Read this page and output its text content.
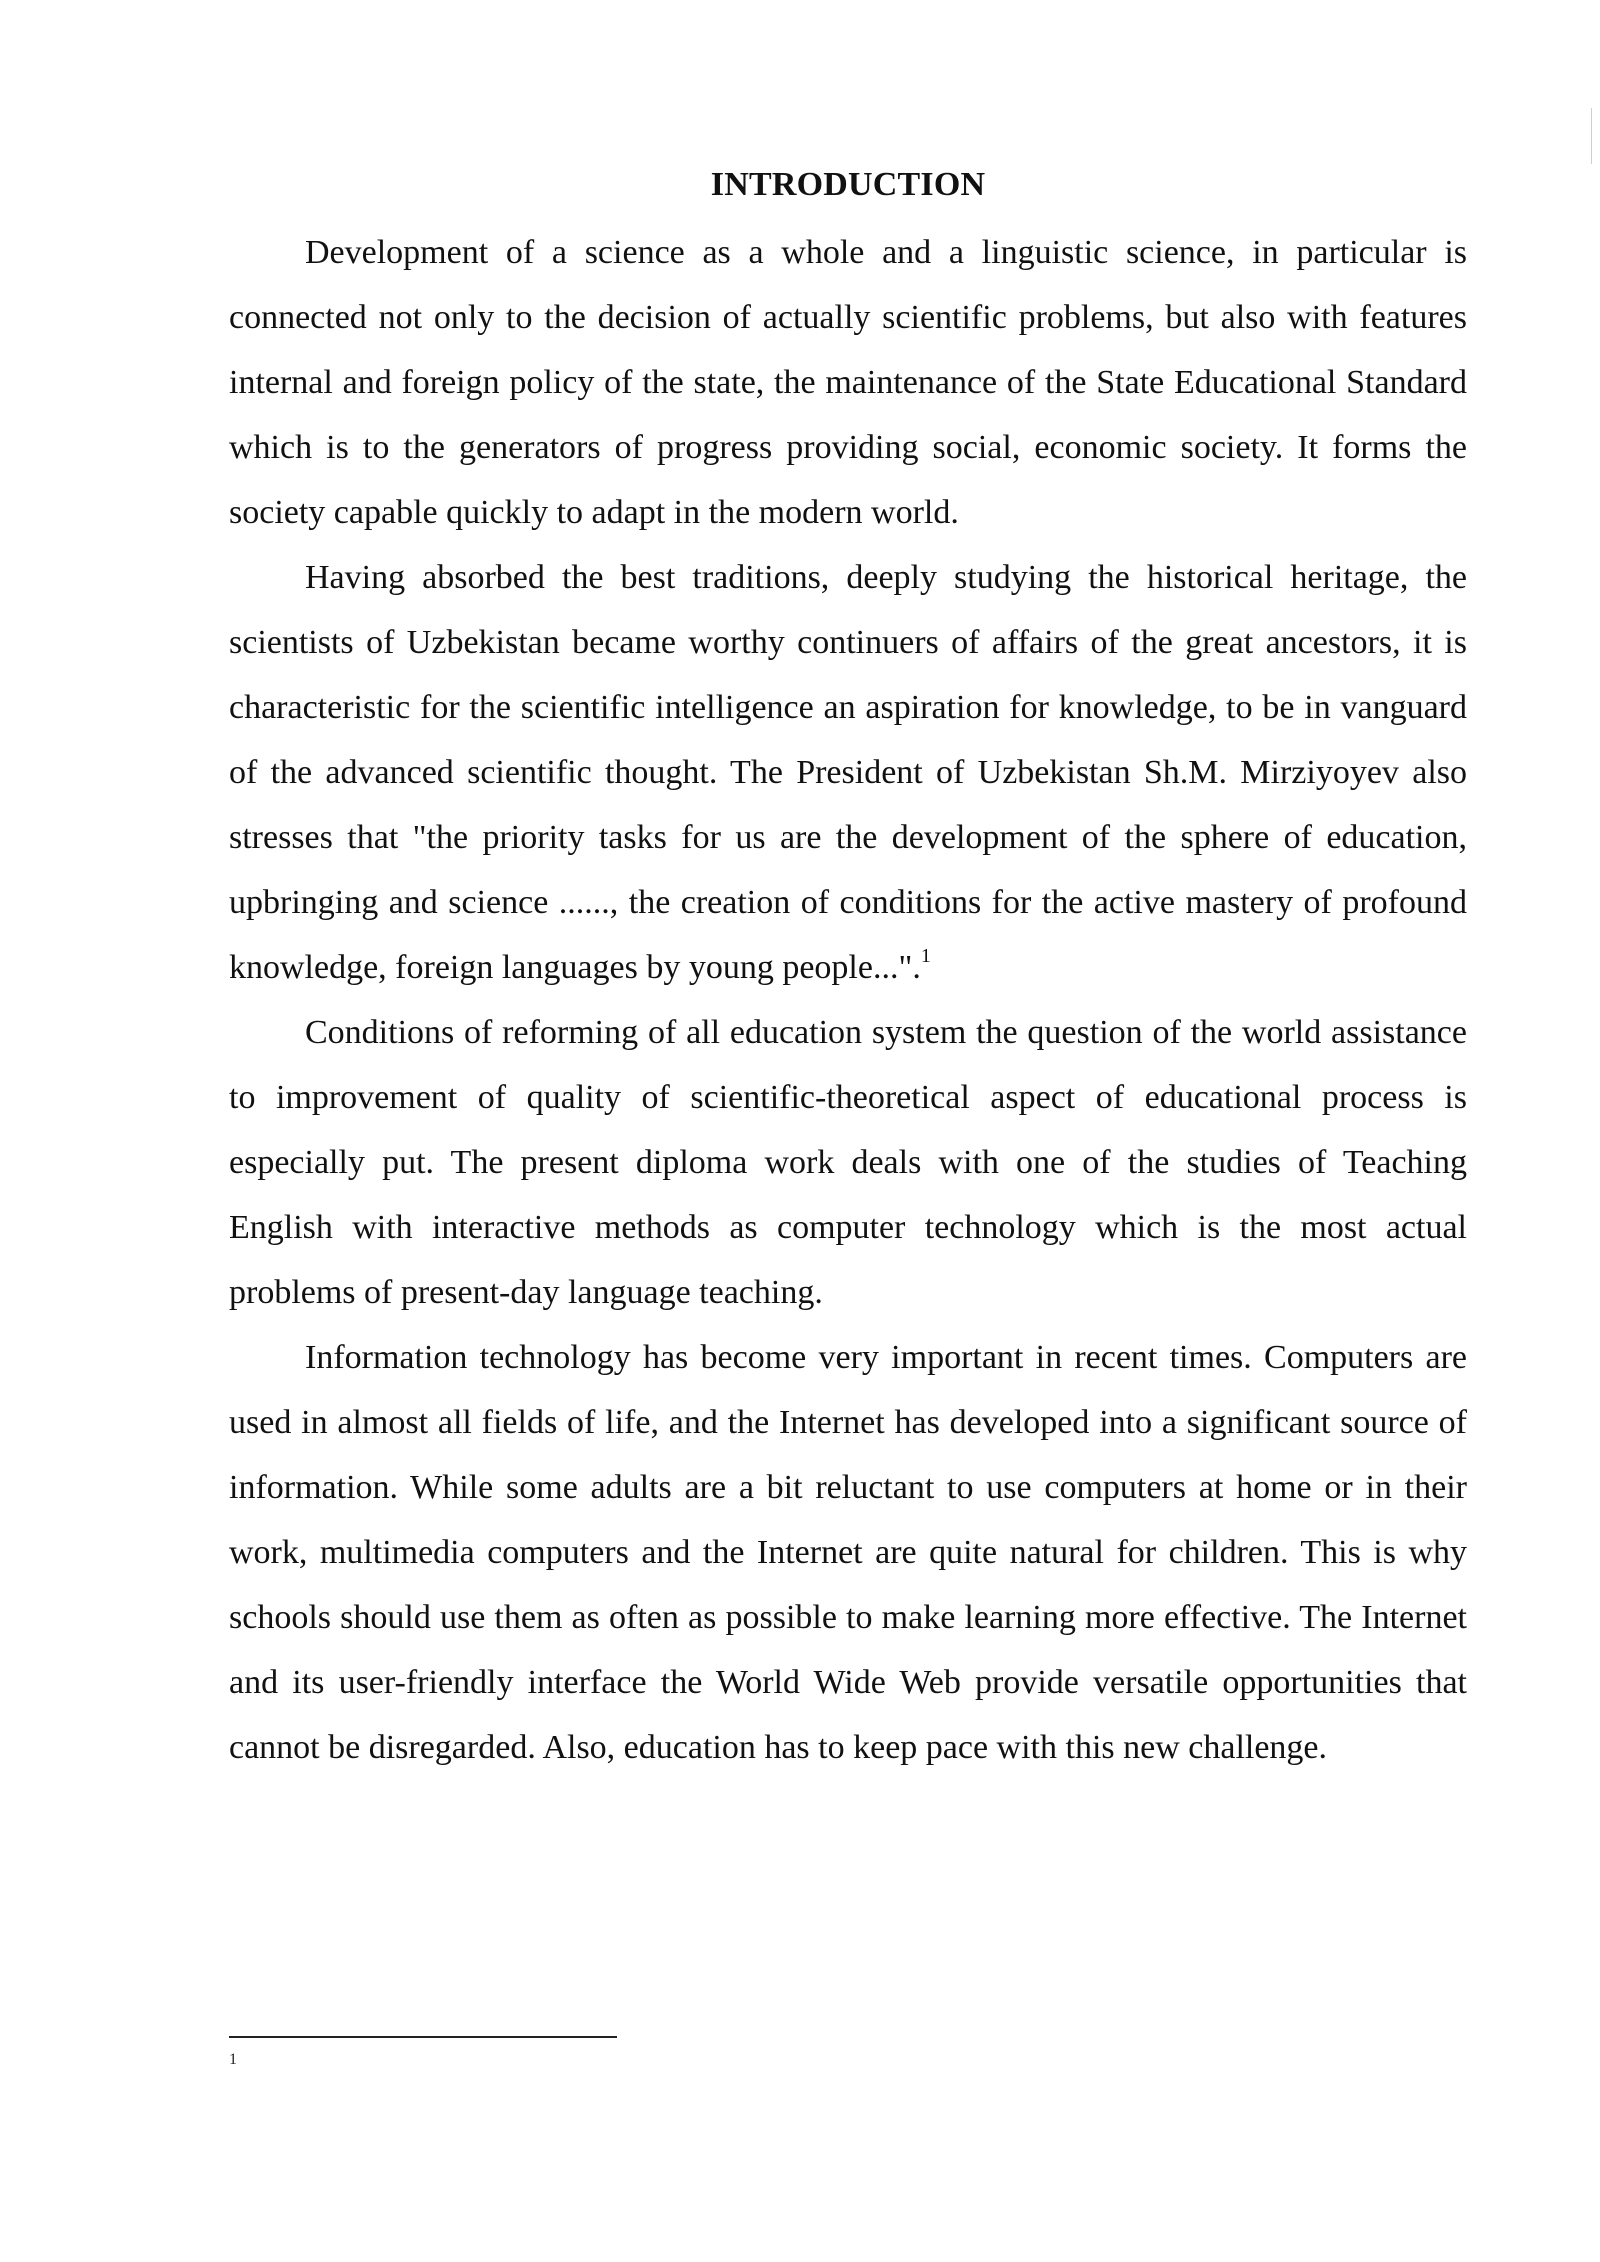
INTRODUCTION

Development of a science as a whole and a linguistic science, in particular is connected not only to the decision of actually scientific problems, but also with features internal and foreign policy of the state, the maintenance of the State Educational Standard which is to the generators of progress providing social, economic society. It forms the society capable quickly to adapt in the modern world.

Having absorbed the best traditions, deeply studying the historical heritage, the scientists of Uzbekistan became worthy continuers of affairs of the great ancestors, it is characteristic for the scientific intelligence an aspiration for knowledge, to be in vanguard of the advanced scientific thought. The President of Uzbekistan Sh.M. Mirziyoyev also stresses that "the priority tasks for us are the development of the sphere of education, upbringing and science ......, the creation of conditions for the active mastery of profound knowledge, foreign languages by young people...".$^1$

Conditions of reforming of all education system the question of the world assistance to improvement of quality of scientific-theoretical aspect of educational process is especially put. The present diploma work deals with one of the studies of Teaching English with interactive methods as computer technology which is the most actual problems of present-day language teaching.

Information technology has become very important in recent times. Computers are used in almost all fields of life, and the Internet has developed into a significant source of information. While some adults are a bit reluctant to use computers at home or in their work, multimedia computers and the Internet are quite natural for children. This is why schools should use them as often as possible to make learning more effective. The Internet and its user-friendly interface the World Wide Web provide versatile opportunities that cannot be disregarded. Also, education has to keep pace with this new challenge.

1
